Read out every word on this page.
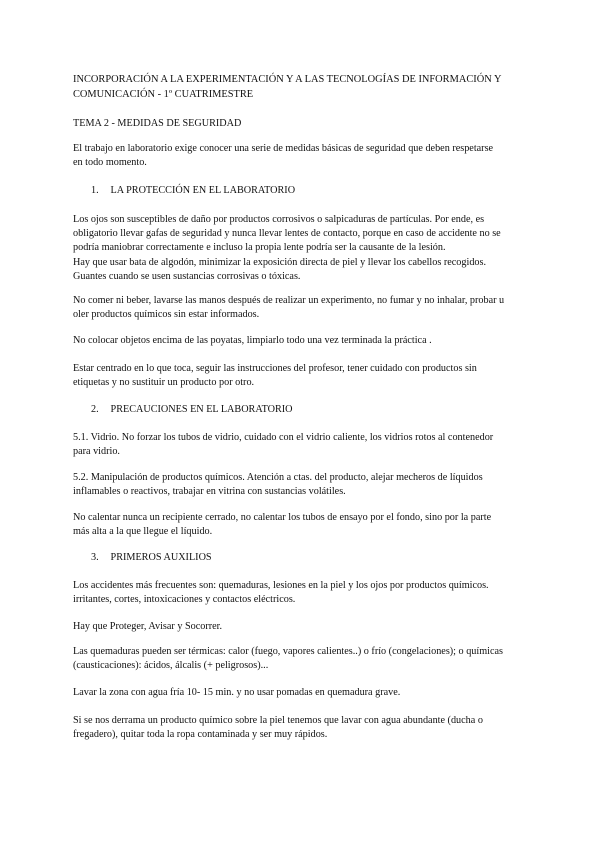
INCORPORACIÓN A LA EXPERIMENTACIÓN Y A LAS TECNOLOGÍAS DE INFORMACIÓN Y
COMUNICACIÓN - 1º CUATRIMESTRE

TEMA 2 - MEDIDAS DE SEGURIDAD

El trabajo en laboratorio exige conocer una serie de medidas básicas de seguridad que deben respetarse
en todo momento.

1. LA PROTECCIÓN EN EL LABORATORIO

Los ojos son susceptibles de daño por productos corrosivos o salpicaduras de partículas. Por ende, es
obligatorio llevar gafas de seguridad y nunca llevar lentes de contacto, porque en caso de accidente no se
podría maniobrar correctamente e incluso la propia lente podría ser la causante de la lesión.
Hay que usar bata de algodón, minimizar la exposición directa de piel y llevar los cabellos recogidos.
Guantes cuando se usen sustancias corrosivas o tóxicas.
No comer ni beber, lavarse las manos después de realizar un experimento, no fumar y no inhalar, probar u
oler productos químicos sin estar informados.
No colocar objetos encima de las poyatas, limpiarlo todo una vez terminada la práctica .
Estar centrado en lo que toca, seguir las instrucciones del profesor, tener cuidado con productos sin
etiquetas y no sustituir un producto por otro.

2. PRECAUCIONES EN EL LABORATORIO

5.1. Vidrio. No forzar los tubos de vidrio, cuidado con el vidrio caliente, los vidrios rotos al contenedor
para vidrio.
5.2. Manipulación de productos químicos. Atención a ctas. del producto, alejar mecheros de líquidos
inflamables o reactivos, trabajar en vitrina con sustancias volátiles.
No calentar nunca un recipiente cerrado, no calentar los tubos de ensayo por el fondo, sino por la parte
más alta a la que llegue el líquido.

3. PRIMEROS AUXILIOS

Los accidentes más frecuentes son: quemaduras, lesiones en la piel y los ojos por productos químicos.
irritantes, cortes, intoxicaciones y contactos eléctricos.
Hay que Proteger, Avisar y Socorrer.
Las quemaduras pueden ser térmicas: calor (fuego, vapores calientes..) o frío (congelaciones); o químicas
(causticaciones): ácidos, álcalis (+ peligrosos)...
Lavar la zona con agua fría 10- 15 min. y no usar pomadas en quemadura grave.
Si se nos derrama un producto químico sobre la piel tenemos que lavar con agua abundante (ducha o
fregadero), quitar toda la ropa contaminada y ser muy rápidos.
